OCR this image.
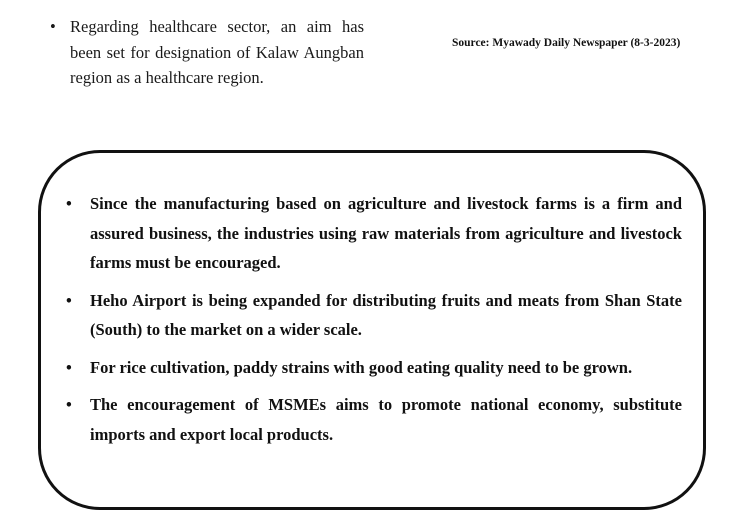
• Regarding healthcare sector, an aim has been set for designation of Kalaw Aungban region as a healthcare region.
Source: Myawady Daily Newspaper (8-3-2023)
• Since the manufacturing based on agriculture and livestock farms is a firm and assured business, the industries using raw materials from agriculture and livestock farms must be encouraged.
• Heho Airport is being expanded for distributing fruits and meats from Shan State (South) to the market on a wider scale.
• For rice cultivation, paddy strains with good eating quality need to be grown.
• The encouragement of MSMEs aims to promote national economy, substitute imports and export local products.
